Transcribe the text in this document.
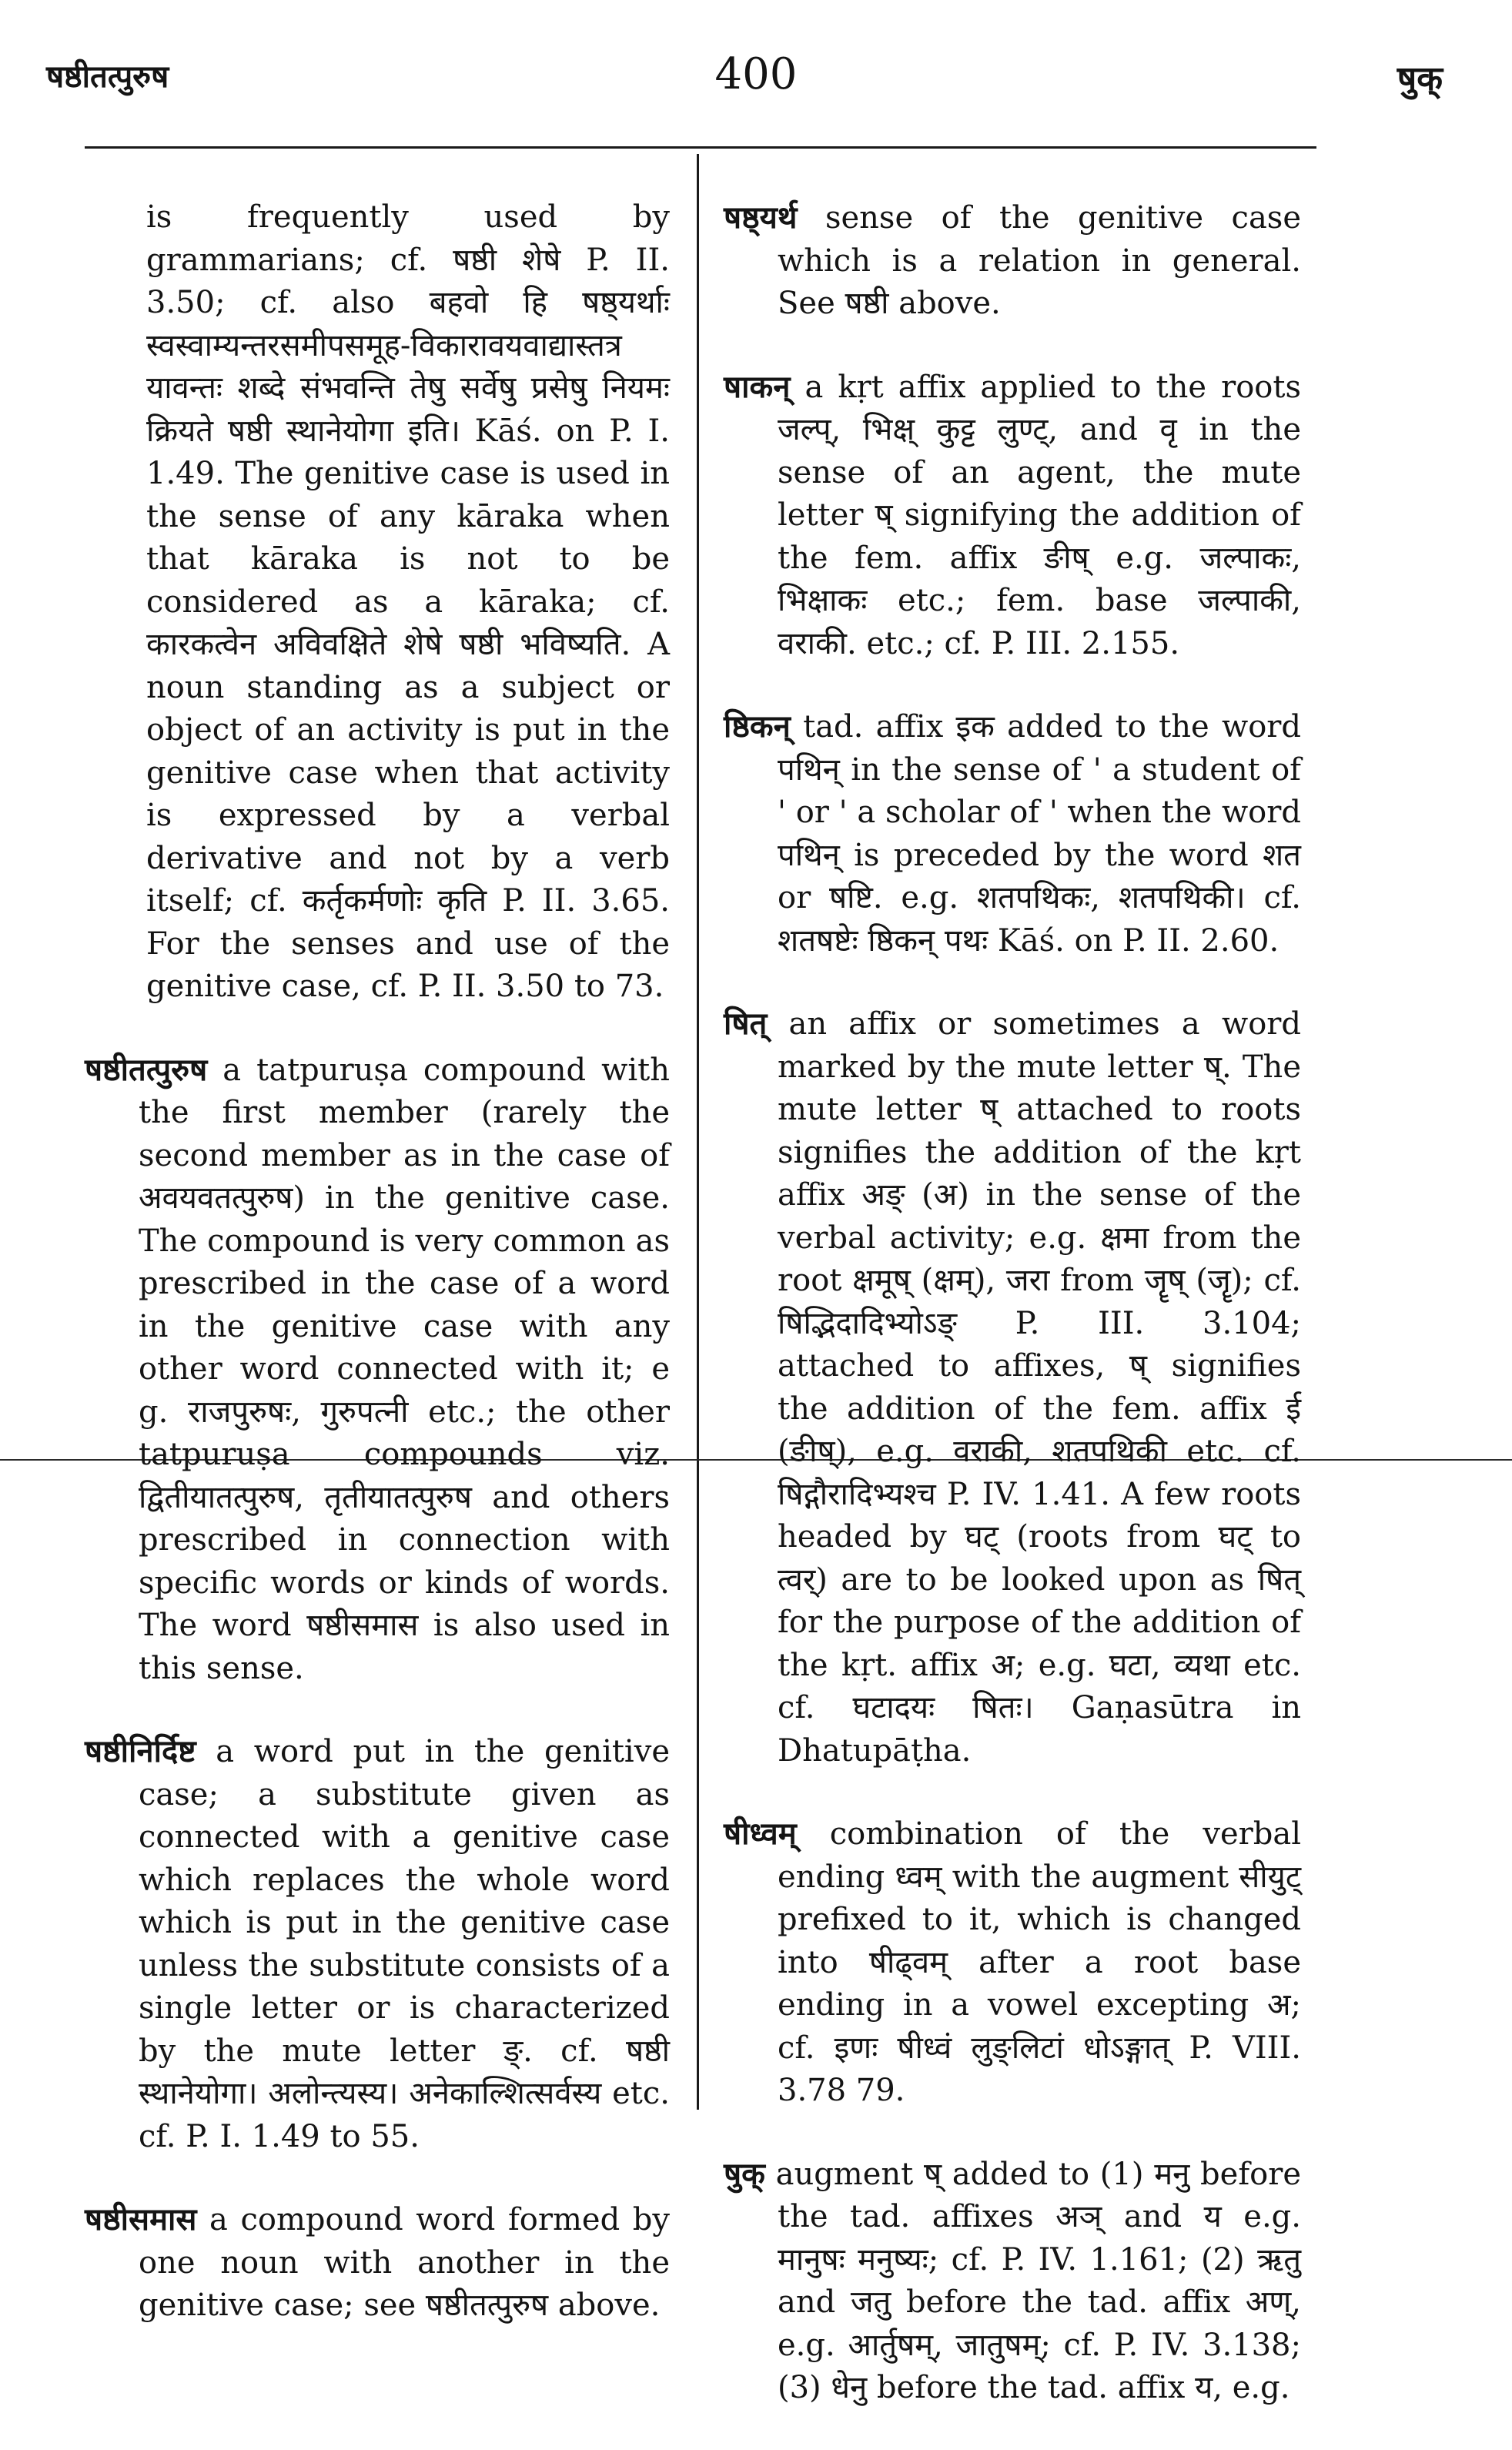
षष्ठीतत्पुरुष	400	षुक्

is frequently used by grammarians; cf. षष्ठी शेषे P. II. 3.50; cf. also बहवो हि षष्ठ्यर्थाः स्वस्वाम्यन्तरसमीपसमूह-विकारावयवाद्यास्तत्र यावन्तः शब्दे संभवन्ति तेषु सर्वेषु प्रसेषु नियमः क्रियते षष्ठी स्थानेयोगा इति। Kāś. on P. I. 1.49. The genitive case is used in the sense of any kāraka when that kāraka is not to be considered as a kāraka; cf. कारकत्वेन अविवक्षिते शेषे षष्ठी भविष्यति. A noun standing as a subject or object of an activity is put in the genitive case when that activity is expressed by a verbal derivative and not by a verb itself; cf. कर्तृकर्मणोः कृति P. II. 3.65. For the senses and use of the genitive case, cf. P. II. 3.50 to 73.

षष्ठीतत्पुरुष a tatpuruṣa compound with the first member (rarely the second member as in the case of अवयवतत्पुरुष) in the genitive case. The compound is very common as prescribed in the case of a word in the genitive case with any other word connected with it; e g. राजपुरुषः, गुरुपत्नी etc.; the other tatpuruṣa compounds viz. द्वितीयातत्पुरुष, तृतीयातत्पुरुष and others prescribed in connection with specific words or kinds of words. The word षष्ठीसमास is also used in this sense.

षष्ठीनिर्दिष्ट a word put in the genitive case; a substitute given as connected with a genitive case which replaces the whole word which is put in the genitive case unless the substitute consists of a single letter or is characterized by the mute letter ङ्. cf. षष्ठी स्थानेयोगा। अलोन्त्यस्य। अनेकाल्शित्सर्वस्य etc. cf. P. I. 1.49 to 55.

षष्ठीसमास a compound word formed by one noun with another in the genitive case; see षष्ठीतत्पुरुष above.

षष्ठ्यर्थ sense of the genitive case which is a relation in general. See षष्ठी above.

षाकन् a kṛt affix applied to the roots जल्प्, भिक्ष् कुट्ट लुण्ट्, and वृ in the sense of an agent, the mute letter ष् signifying the addition of the fem. affix ङीष् e.g. जल्पाकः, भिक्षाकः etc.; fem. base जल्पाकी, वराकी. etc.; cf. P. III. 2.155.

ष्ठिकन् tad. affix इक added to the word पथिन् in the sense of ' a student of ' or ' a scholar of ' when the word पथिन् is preceded by the word शत or षष्टि. e.g. शतपथिकः, शतपथिकी। cf. शतषष्टेः ष्ठिकन् पथः Kāś. on P. II. 2.60.

षित् an affix or sometimes a word marked by the mute letter ष्. The mute letter ष् attached to roots signifies the addition of the kṛt affix अङ् (अ) in the sense of the verbal activity; e.g. क्षमा from the root क्षमूष् (क्षम्), जरा from जॄष् (जॄ); cf. षिद्भिदादिभ्योऽङ् P. III. 3.104; attached to affixes, ष् signifies the addition of the fem. affix ई (ङीष्), e.g. वराकी, शतपथिकी etc. cf. षिद्गौरादिभ्यश्च P. IV. 1.41. A few roots headed by घट् (roots from घट् to त्वर्) are to be looked upon as षित् for the purpose of the addition of the kṛt. affix अ; e.g. घटा, व्यथा etc. cf. घटादयः षितः। Gaṇasūtra in Dhatupāṭha.

षीध्वम् combination of the verbal ending ध्वम् with the augment सीयुट् prefixed to it, which is changed into षीढ्वम् after a root base ending in a vowel excepting अ; cf. इणः षीध्वं लुङ्लिटां धोऽङ्गात् P. VIII. 3.78 79.

षुक् augment ष् added to (1) मनु before the tad. affixes अञ् and य e.g. मानुषः मनुष्यः; cf. P. IV. 1.161; (2) ऋतु and जतु before the tad. affix अण्, e.g. आर्तुषम्, जातुषम्; cf. P. IV. 3.138; (3) धेनु before the tad. affix य, e.g.
